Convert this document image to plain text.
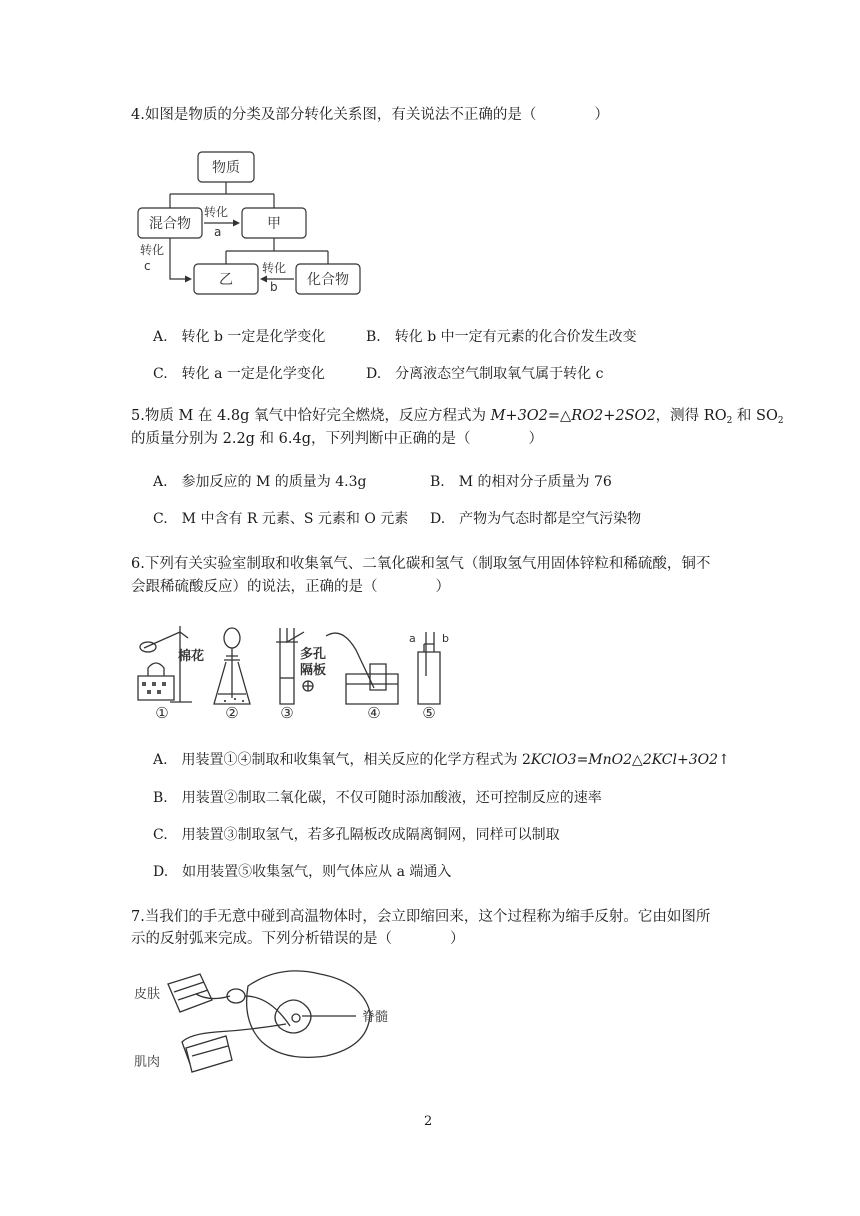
4.如图是物质的分类及部分转化关系图，有关说法不正确的是（　　　　）
物质
混合物	甲
乙	化合物
转化
a
转化
c	转化
b
A.　转化 b 一定是化学变化	B.　转化 b 中一定有元素的化合价发生改变
C.　转化 a 一定是化学变化	D.　分离液态空气制取氧气属于转化 c
5.物质 M 在 4.8g 氧气中恰好完全燃烧，反应方程式为 M+3O2=△RO2+2SO2，测得 $RO_2$ 和 $SO_2$
的质量分别为 2.2g 和 6.4g，下列判断中正确的是（　　　　）
A.　参加反应的 M 的质量为 4.3g	B.　M 的相对分子质量为 76
C.　M 中含有 R 元素、S 元素和 O 元素 D.　产物为气态时都是空气污染物
6.下列有关实验室制取和收集氧气、二氧化碳和氢气（制取氢气用固体锌粒和稀硫酸，铜不
会跟稀硫酸反应）的说法，正确的是（　　　　）
棉花	多孔
隔板
a b
①	②	③	④	⑤
A.　用装置①④制取和收集氧气，相关反应的化学方程式为 2KClO3=MnO2△2KCl+3O2↑
B.　用装置②制取二氧化碳，不仅可随时添加酸液，还可控制反应的速率
C.　用装置③制取氢气，若多孔隔板改成隔离铜网，同样可以制取
D.　如用装置⑤收集氢气，则气体应从 a 端通入
7.当我们的手无意中碰到高温物体时，会立即缩回来，这个过程称为缩手反射。它由如图所
示的反射弧来完成。下列分析错误的是（　　　　）
皮肤
脊髓
肌肉
2
